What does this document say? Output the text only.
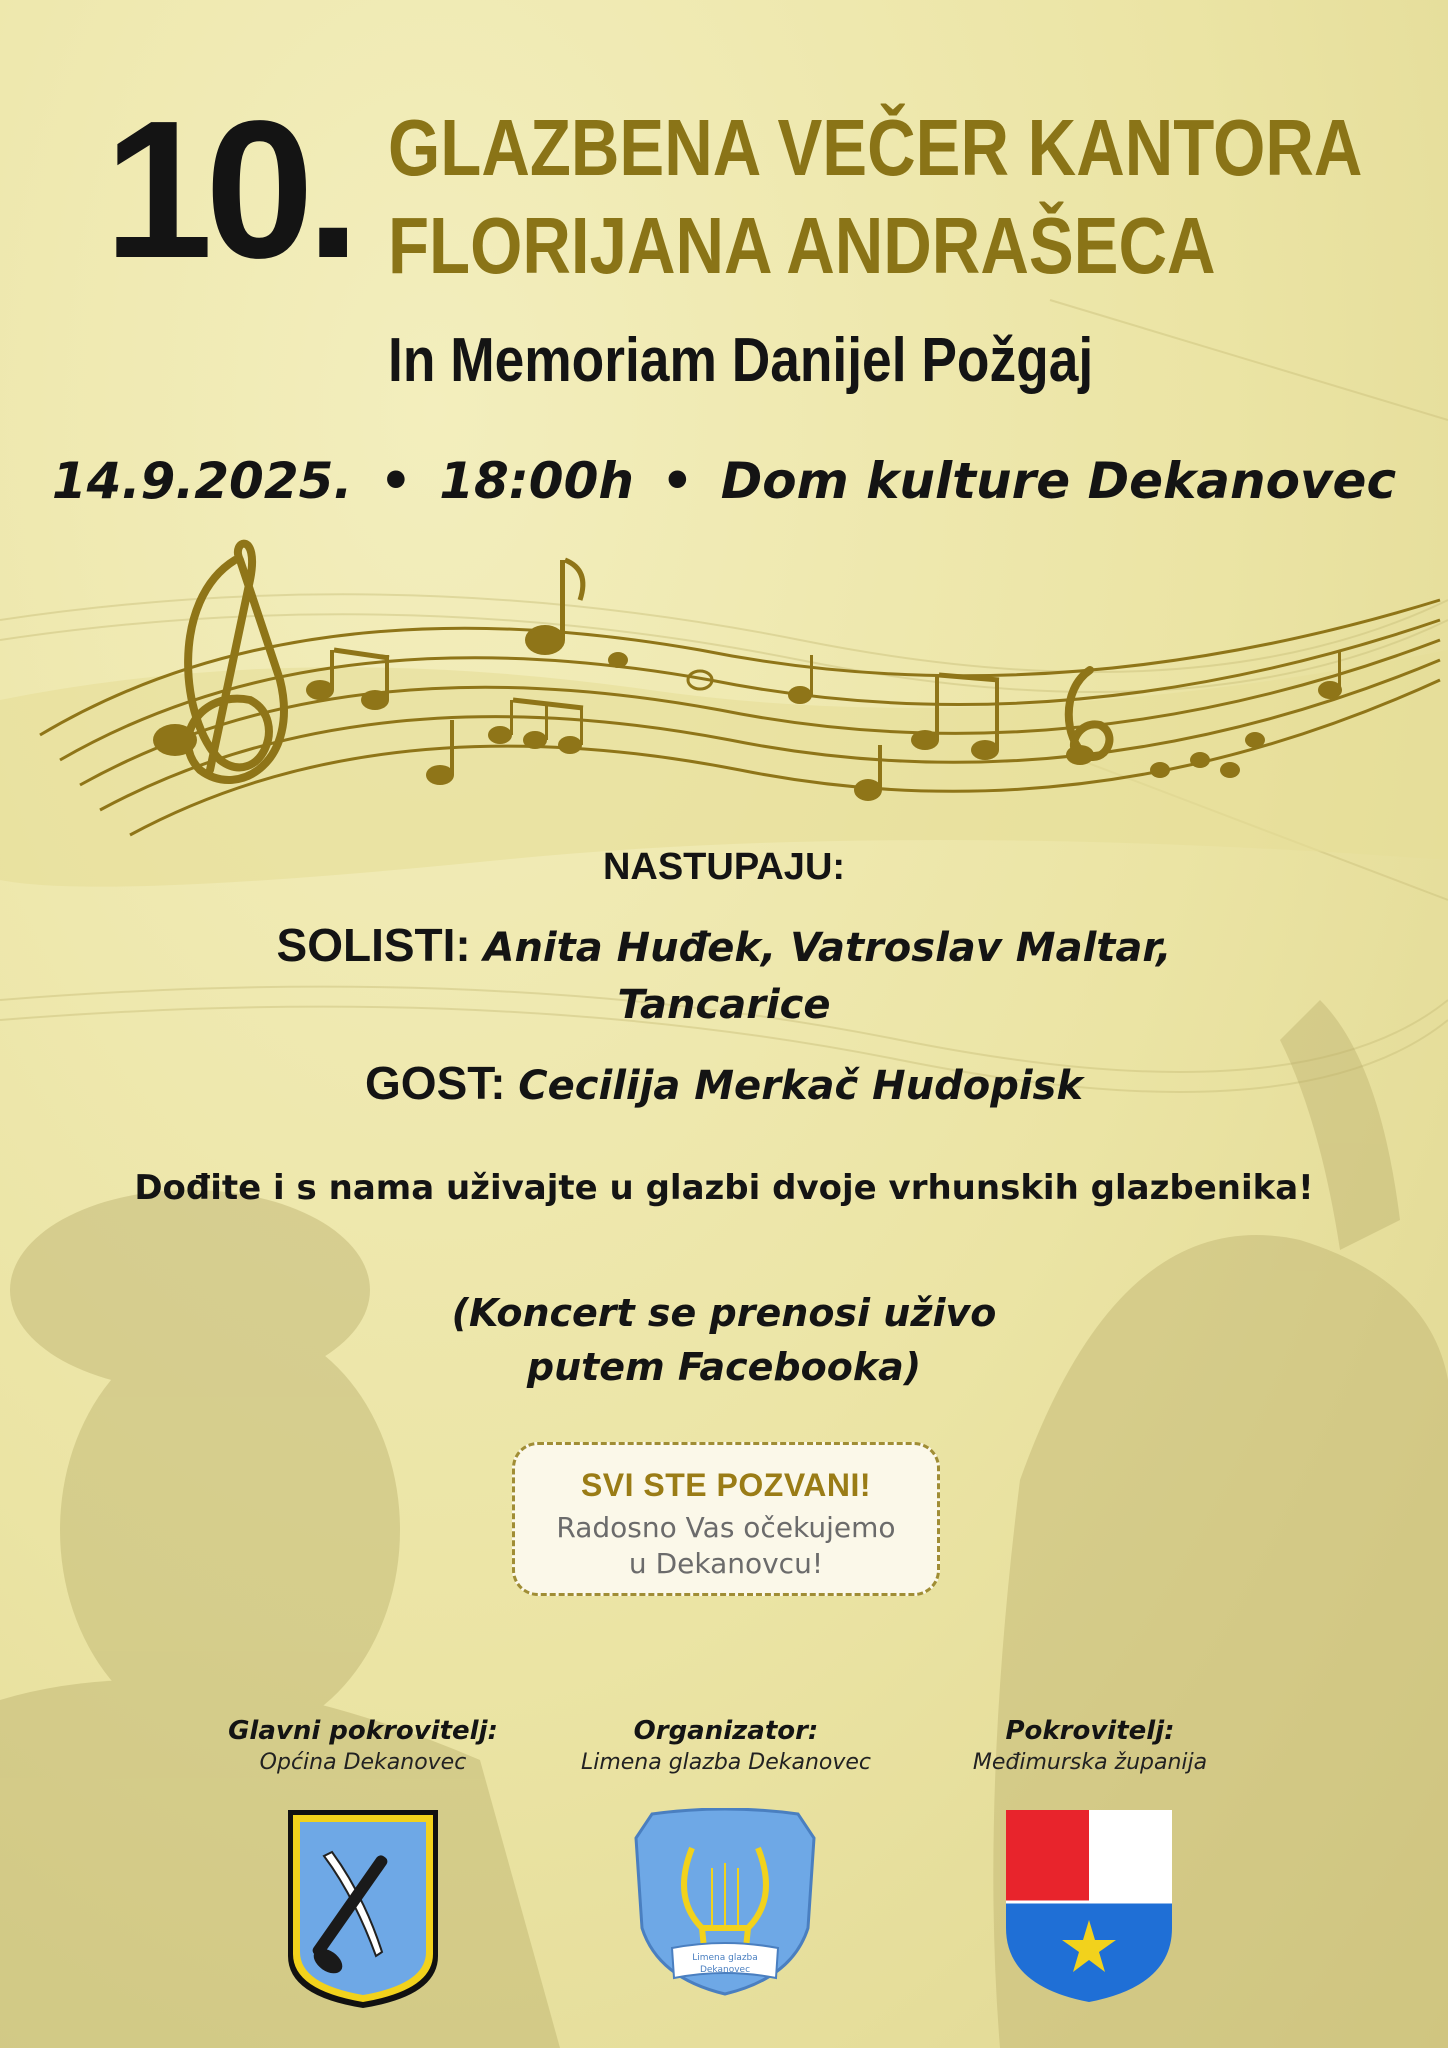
10. GLAZBENA VEČER KANTORA
FLORIJANA ANDRAŠECA
In Memoriam Danijel Požgaj
14.9.2025. • 18:00h • Dom kulture Dekanovec
NASTUPAJU:
SOLISTI: Anita Huđek, Vatroslav Maltar,
Tancarice
GOST: Cecilija Merkač Hudopisk
Dođite i s nama uživajte u glazbi dvoje vrhunskih glazbenika!
(Koncert se prenosi uživo
putem Facebooka)
SVI STE POZVANI!
Radosno Vas očekujemo
u Dekanovcu!
Glavni pokrovitelj:
Općina Dekanovec
Organizator:
Limena glazba Dekanovec
Pokrovitelj:
Međimurska županija
Limena glazba
Dekanovec
